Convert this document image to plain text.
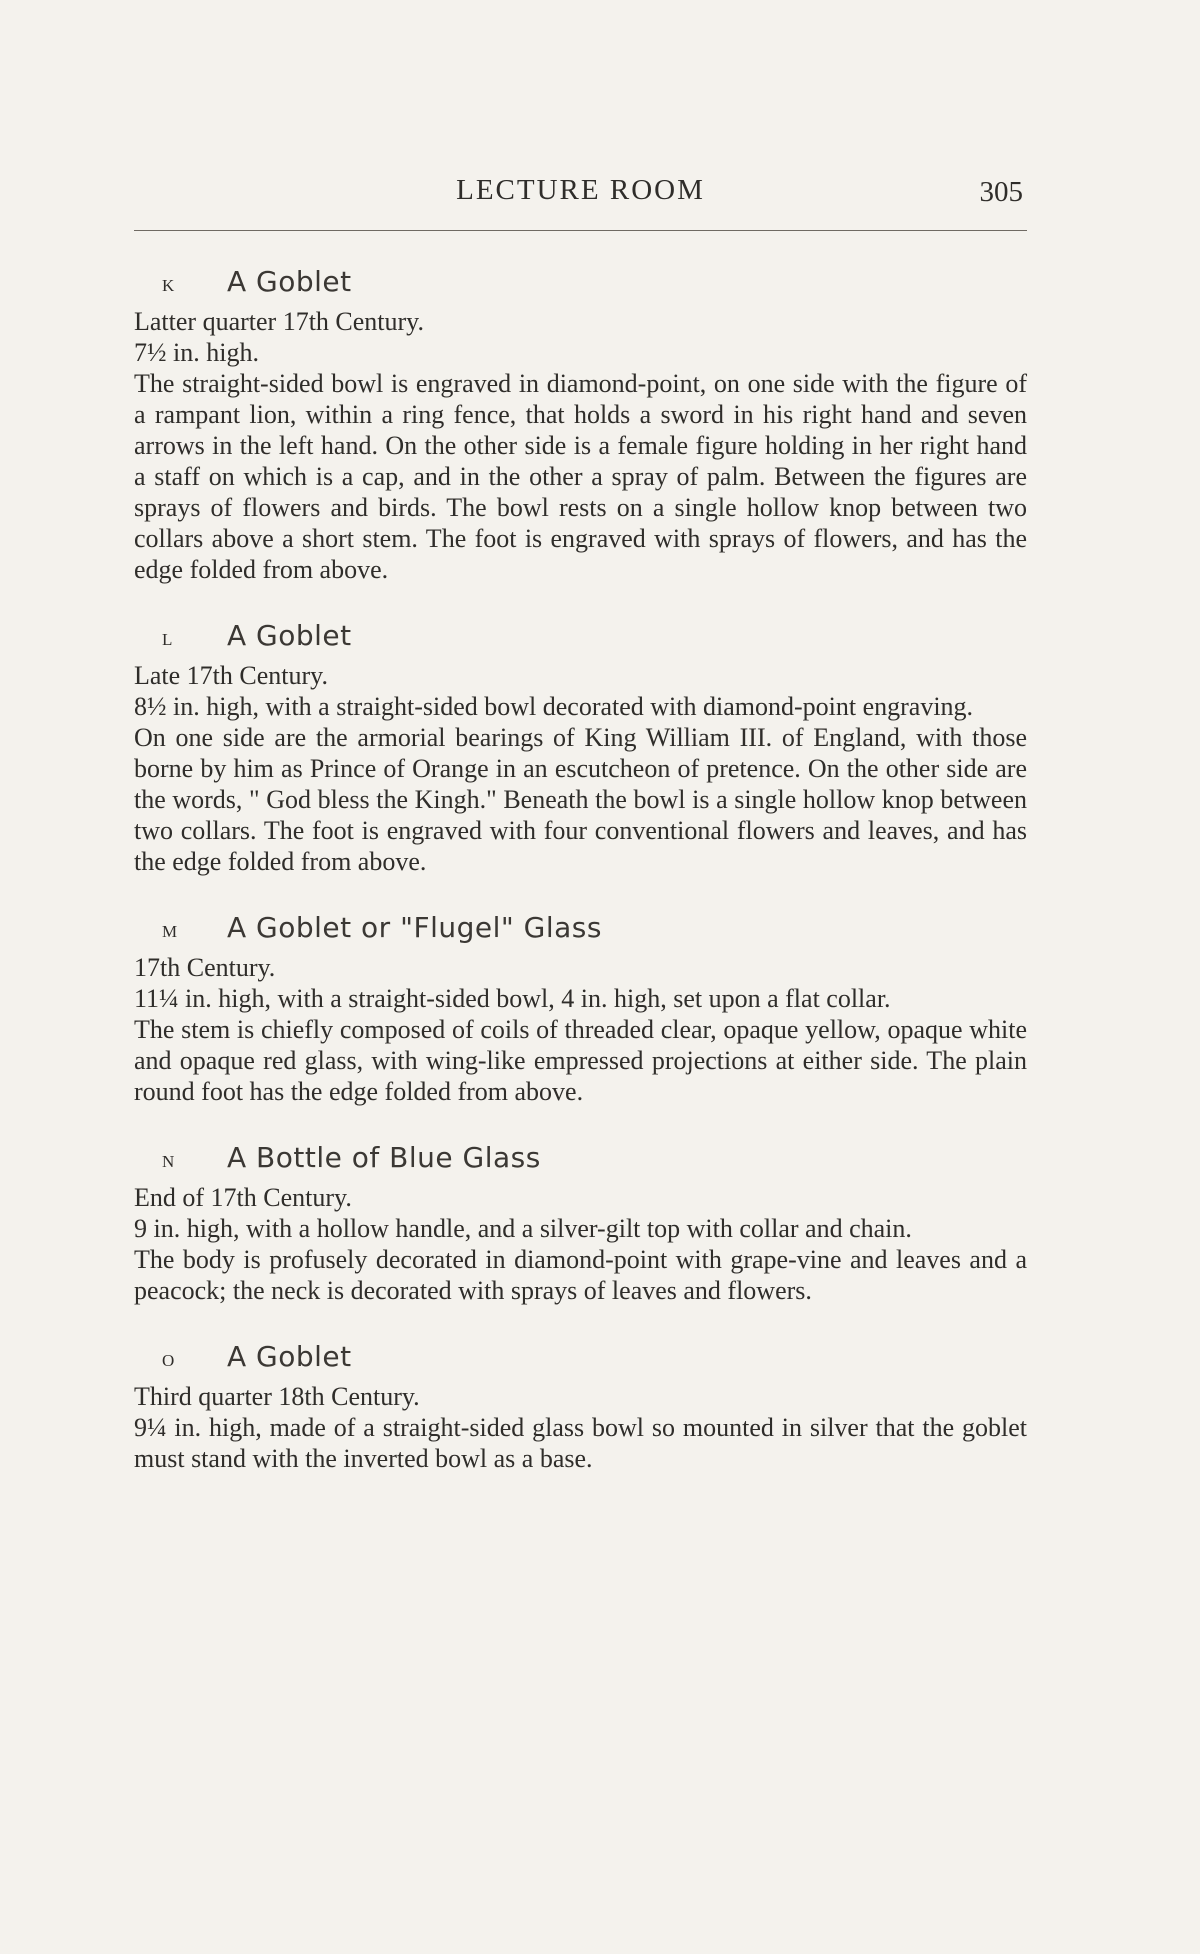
LECTURE ROOM	305
K	A Goblet
Latter quarter 17th Century.
7½ in. high.
The straight-sided bowl is engraved in diamond-point, on one side with the figure of a rampant lion, within a ring fence, that holds a sword in his right hand and seven arrows in the left hand. On the other side is a female figure holding in her right hand a staff on which is a cap, and in the other a spray of palm. Between the figures are sprays of flowers and birds. The bowl rests on a single hollow knop between two collars above a short stem. The foot is engraved with sprays of flowers, and has the edge folded from above.
L	A Goblet
Late 17th Century.
8½ in. high, with a straight-sided bowl decorated with diamond-point engraving.
On one side are the armorial bearings of King William III. of England, with those borne by him as Prince of Orange in an escutcheon of pretence. On the other side are the words, " God bless the Kingh." Beneath the bowl is a single hollow knop between two collars. The foot is engraved with four conventional flowers and leaves, and has the edge folded from above.
M	A Goblet or "Flugel" Glass
17th Century.
11¼ in. high, with a straight-sided bowl, 4 in. high, set upon a flat collar.
The stem is chiefly composed of coils of threaded clear, opaque yellow, opaque white and opaque red glass, with wing-like empressed projections at either side. The plain round foot has the edge folded from above.
N	A Bottle of Blue Glass
End of 17th Century.
9 in. high, with a hollow handle, and a silver-gilt top with collar and chain.
The body is profusely decorated in diamond-point with grape-vine and leaves and a peacock; the neck is decorated with sprays of leaves and flowers.
O	A Goblet
Third quarter 18th Century.
9¼ in. high, made of a straight-sided glass bowl so mounted in silver that the goblet must stand with the inverted bowl as a base.
